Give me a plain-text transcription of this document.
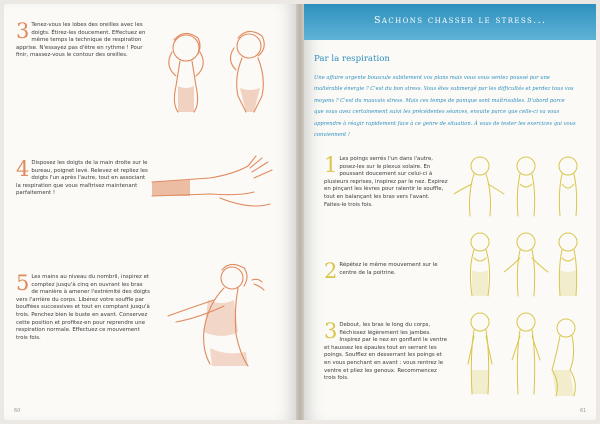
3 Tenez-vous les lobes des oreilles avec les doigts. Étirez-les doucement. Effectuez en même temps la technique de respiration apprise. N'essayez pas d'être en rythme ! Pour finir, massez-vous le contour des oreilles.
4 Disposez les doigts de la main droite sur le bureau, poignet levé. Relevez et repliez les doigts l'un après l'autre, tout en associant la respiration que vous maîtrisez maintenant parfaitement !
5 Les mains au niveau du nombril, inspirez et comptez jusqu'à cinq en ouvrant les bras de manière à amener l'extrémité des doigts vers l'arrière du corps. Libérez votre souffle par bouffées successives et tout en comptant jusqu'à trois. Penchez bien le buste en avant. Conservez cette position et profitez-en pour reprendre une respiration normale. Effectuez ce mouvement trois fois.
60
Sachons chasser le stress...
Par la respiration
Une affaire urgente bouscule subitement vos plans mais vous vous sentez poussé par une inaltérable énergie ? C'est du bon stress. Vous êtes submergé par les difficultés et perdez tous vos moyens ? C'est du mauvais stress. Mais ces temps de panique sont maîtrisables. D'abord parce que vous avez certainement suivi les précédentes séances, ensuite parce que celle-ci va vous apprendre à réagir rapidement face à ce genre de situation. À vous de tester les exercices qui vous conviennent !
1 Les poings serrés l'un dans l'autre, posez-les sur le plexus solaire. En poussant doucement sur celui-ci à plusieurs reprises, inspirez par le nez. Expirez en pinçant les lèvres pour ralentir le souffle, tout en balançant les bras vers l'avant. Faites-le trois fois.
2 Répétez le même mouvement sur le centre de la poitrine.
3 Debout, les bras le long du corps, fléchissez légèrement les jambes. Inspirez par le nez en gonflant le ventre et haussez les épaules tout en serrant les poings. Soufflez en desserrant les poings et en vous penchant en avant : vous rentrez le ventre et pliez les genoux. Recommencez trois fois.
61
